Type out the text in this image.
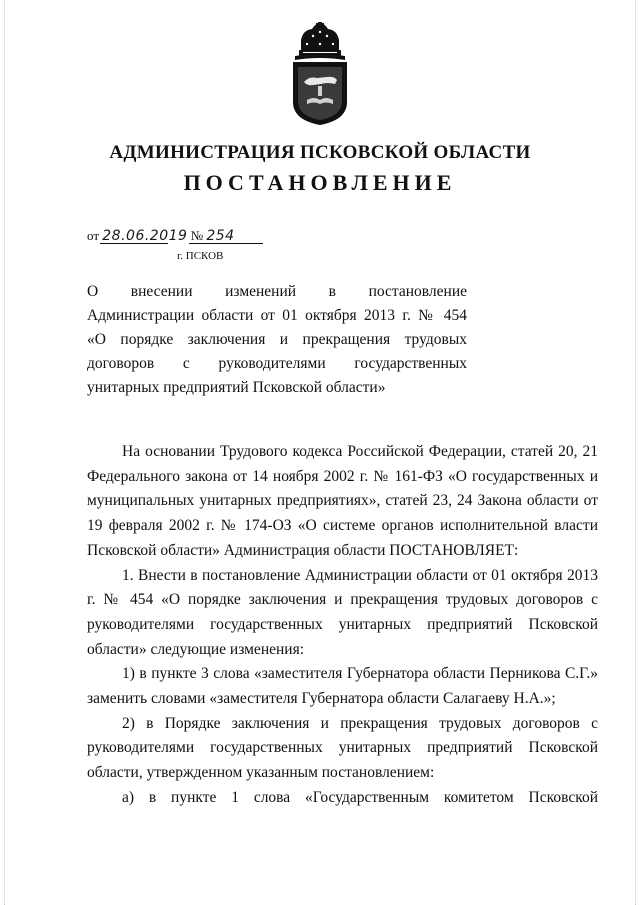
АДМИНИСТРАЦИЯ ПСКОВСКОЙ ОБЛАСТИ
ПОСТАНОВЛЕНИЕ
от 28.06.2019 № 254
г. ПСКОВ

О внесении изменений в постановление

Администрации области от 01 октября 2013 г. № 454

«О порядке заключения и прекращения трудовых

договоров с руководителями государственных

унитарных предприятий Псковской области»

На основании Трудового кодекса Российской Федерации, статей 20, 21 Федерального закона от 14 ноября 2002 г. № 161-ФЗ «О государственных и муниципальных унитарных предприятиях», статей 23, 24 Закона области от 19 февраля 2002 г. № 174-ОЗ «О системе органов исполнительной власти Псковской области» Администрация области ПОСТАНОВЛЯЕТ:

1. Внести в постановление Администрации области от 01 октября 2013 г. № 454 «О порядке заключения и прекращения трудовых договоров с руководителями государственных унитарных предприятий Псковской области» следующие изменения:

1) в пункте 3 слова «заместителя Губернатора области Перникова С.Г.» заменить словами «заместителя Губернатора области Салагаеву Н.А.»;

2) в Порядке заключения и прекращения трудовых договоров с руководителями государственных унитарных предприятий Псковской области, утвержденном указанным постановлением:

а) в пункте 1 слова «Государственным комитетом Псковской
